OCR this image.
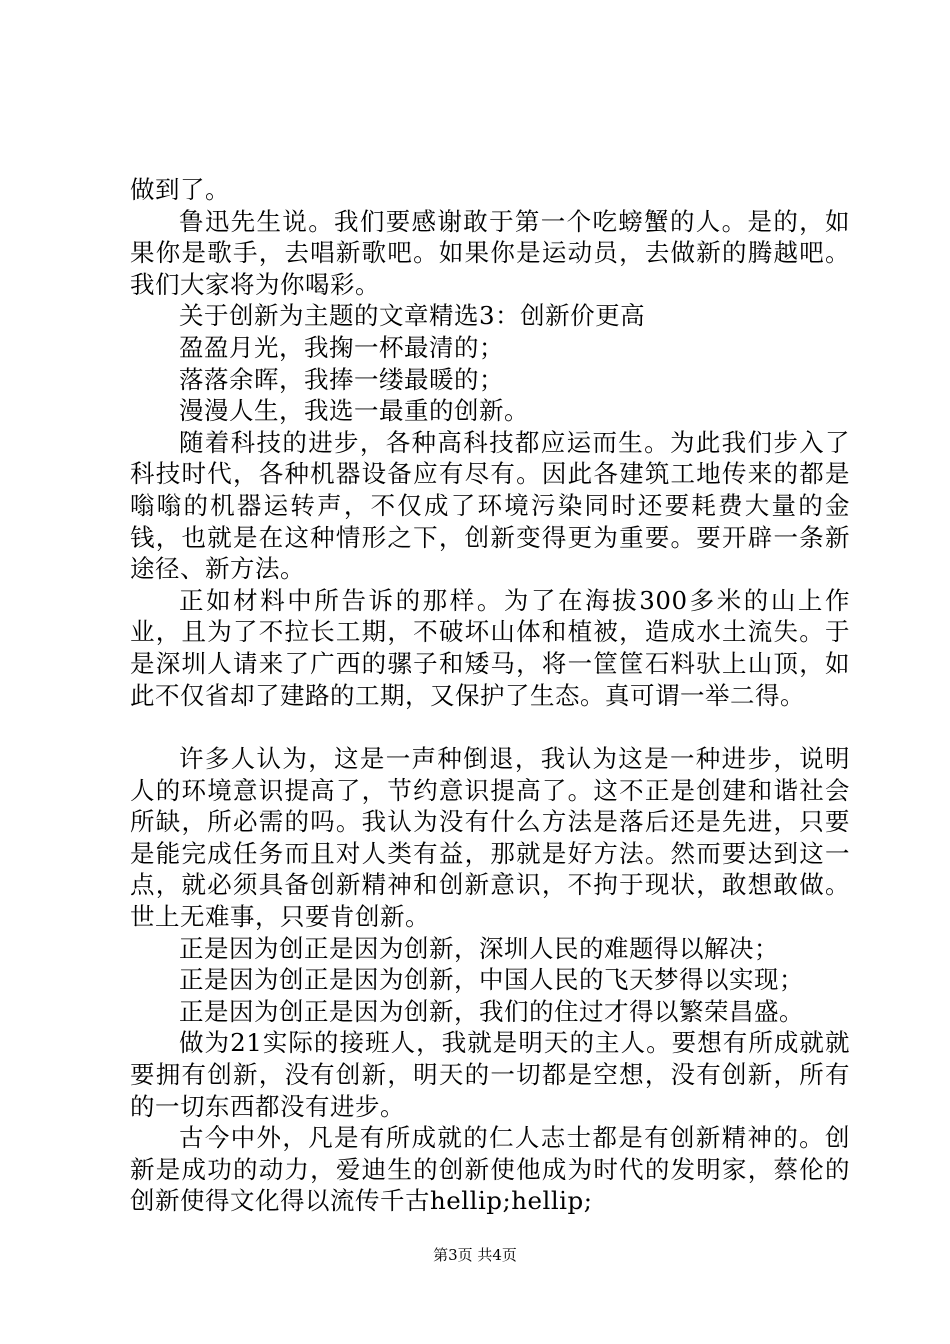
做到了。

鲁迅先生说。我们要感谢敢于第一个吃螃蟹的人。是的，如果你是歌手，去唱新歌吧。如果你是运动员，去做新的腾越吧。我们大家将为你喝彩。

关于创新为主题的文章精选3：创新价更高

盈盈月光，我掬一杯最清的；

落落余晖，我捧一缕最暖的；

漫漫人生，我选一最重的创新。

随着科技的进步，各种高科技都应运而生。为此我们步入了科技时代，各种机器设备应有尽有。因此各建筑工地传来的都是嗡嗡的机器运转声，不仅成了环境污染同时还要耗费大量的金钱，也就是在这种情形之下，创新变得更为重要。要开辟一条新途径、新方法。

正如材料中所告诉的那样。为了在海拔300多米的山上作业，且为了不拉长工期，不破坏山体和植被，造成水土流失。于是深圳人请来了广西的骡子和矮马，将一筐筐石料驮上山顶，如此不仅省却了建路的工期，又保护了生态。真可谓一举二得。

许多人认为，这是一声种倒退，我认为这是一种进步，说明人的环境意识提高了，节约意识提高了。这不正是创建和谐社会所缺，所必需的吗。我认为没有什么方法是落后还是先进，只要是能完成任务而且对人类有益，那就是好方法。然而要达到这一点，就必须具备创新精神和创新意识，不拘于现状，敢想敢做。世上无难事，只要肯创新。

正是因为创正是因为创新，深圳人民的难题得以解决；

正是因为创正是因为创新，中国人民的飞天梦得以实现；

正是因为创正是因为创新，我们的住过才得以繁荣昌盛。

做为21实际的接班人，我就是明天的主人。要想有所成就就要拥有创新，没有创新，明天的一切都是空想，没有创新，所有的一切东西都没有进步。

古今中外，凡是有所成就的仁人志士都是有创新精神的。创新是成功的动力，爱迪生的创新使他成为时代的发明家，蔡伦的创新使得文化得以流传千古hellip;hellip;

第3页 共4页
